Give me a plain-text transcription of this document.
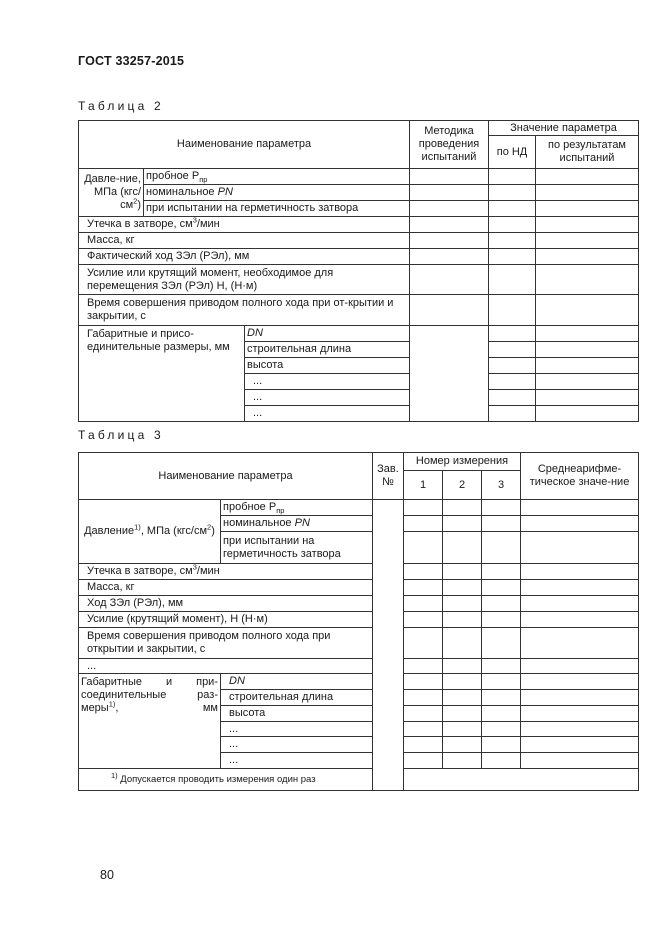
ГОСТ 33257-2015
Таблица 2
Наименование параметра			Методика проведения испытаний	Значение параметра	
				по НД	по результатам испытаний
Давле-ние, МПа $(кгс/см^2)$	пробное $P_{пр}$			
	номинальное PN				
	при испытании на герметичность затвора				
Утечка в затворе, $см^3$/мин					
Масса, кг					
Фактический ход ЗЭл (РЭл), мм					
Усилие или крутящий момент, необходимое для перемещения ЗЭл (РЭл) Н, (Н·м)					
Время совершения приводом полного хода при от-крытии и закрытии, с					
Габаритные и присо-единительные размеры, мм		DN			
		строительная длина			
		высота			
		...			
		...			
		...			
Таблица 3
Наименование параметра		Зав. №	Номер измерения			Среднеарифме-тическое значе-ние
			1	2	3	
Давление$^{1)}$, МПа $(кгс/см^2)$	пробное $P_{пр}$					
	номинальное PN					
	при испытании на герметичность затвора					
Утечка в затворе, $см^3$/мин						
Масса, кг						
Ход ЗЭл (РЭл), мм						
Усилие (крутящий момент), Н (Н·м)						
Время совершения приводом полного хода при открытии и закрытии, с						
...						

Габаритные и при-соединительные раз-меры$^{1)}$, мм	DN					
	строительная длина					
	высота					
	...					
	...					
	...					
$^{1)}$ Допускается проводить измерения один раз						
80
